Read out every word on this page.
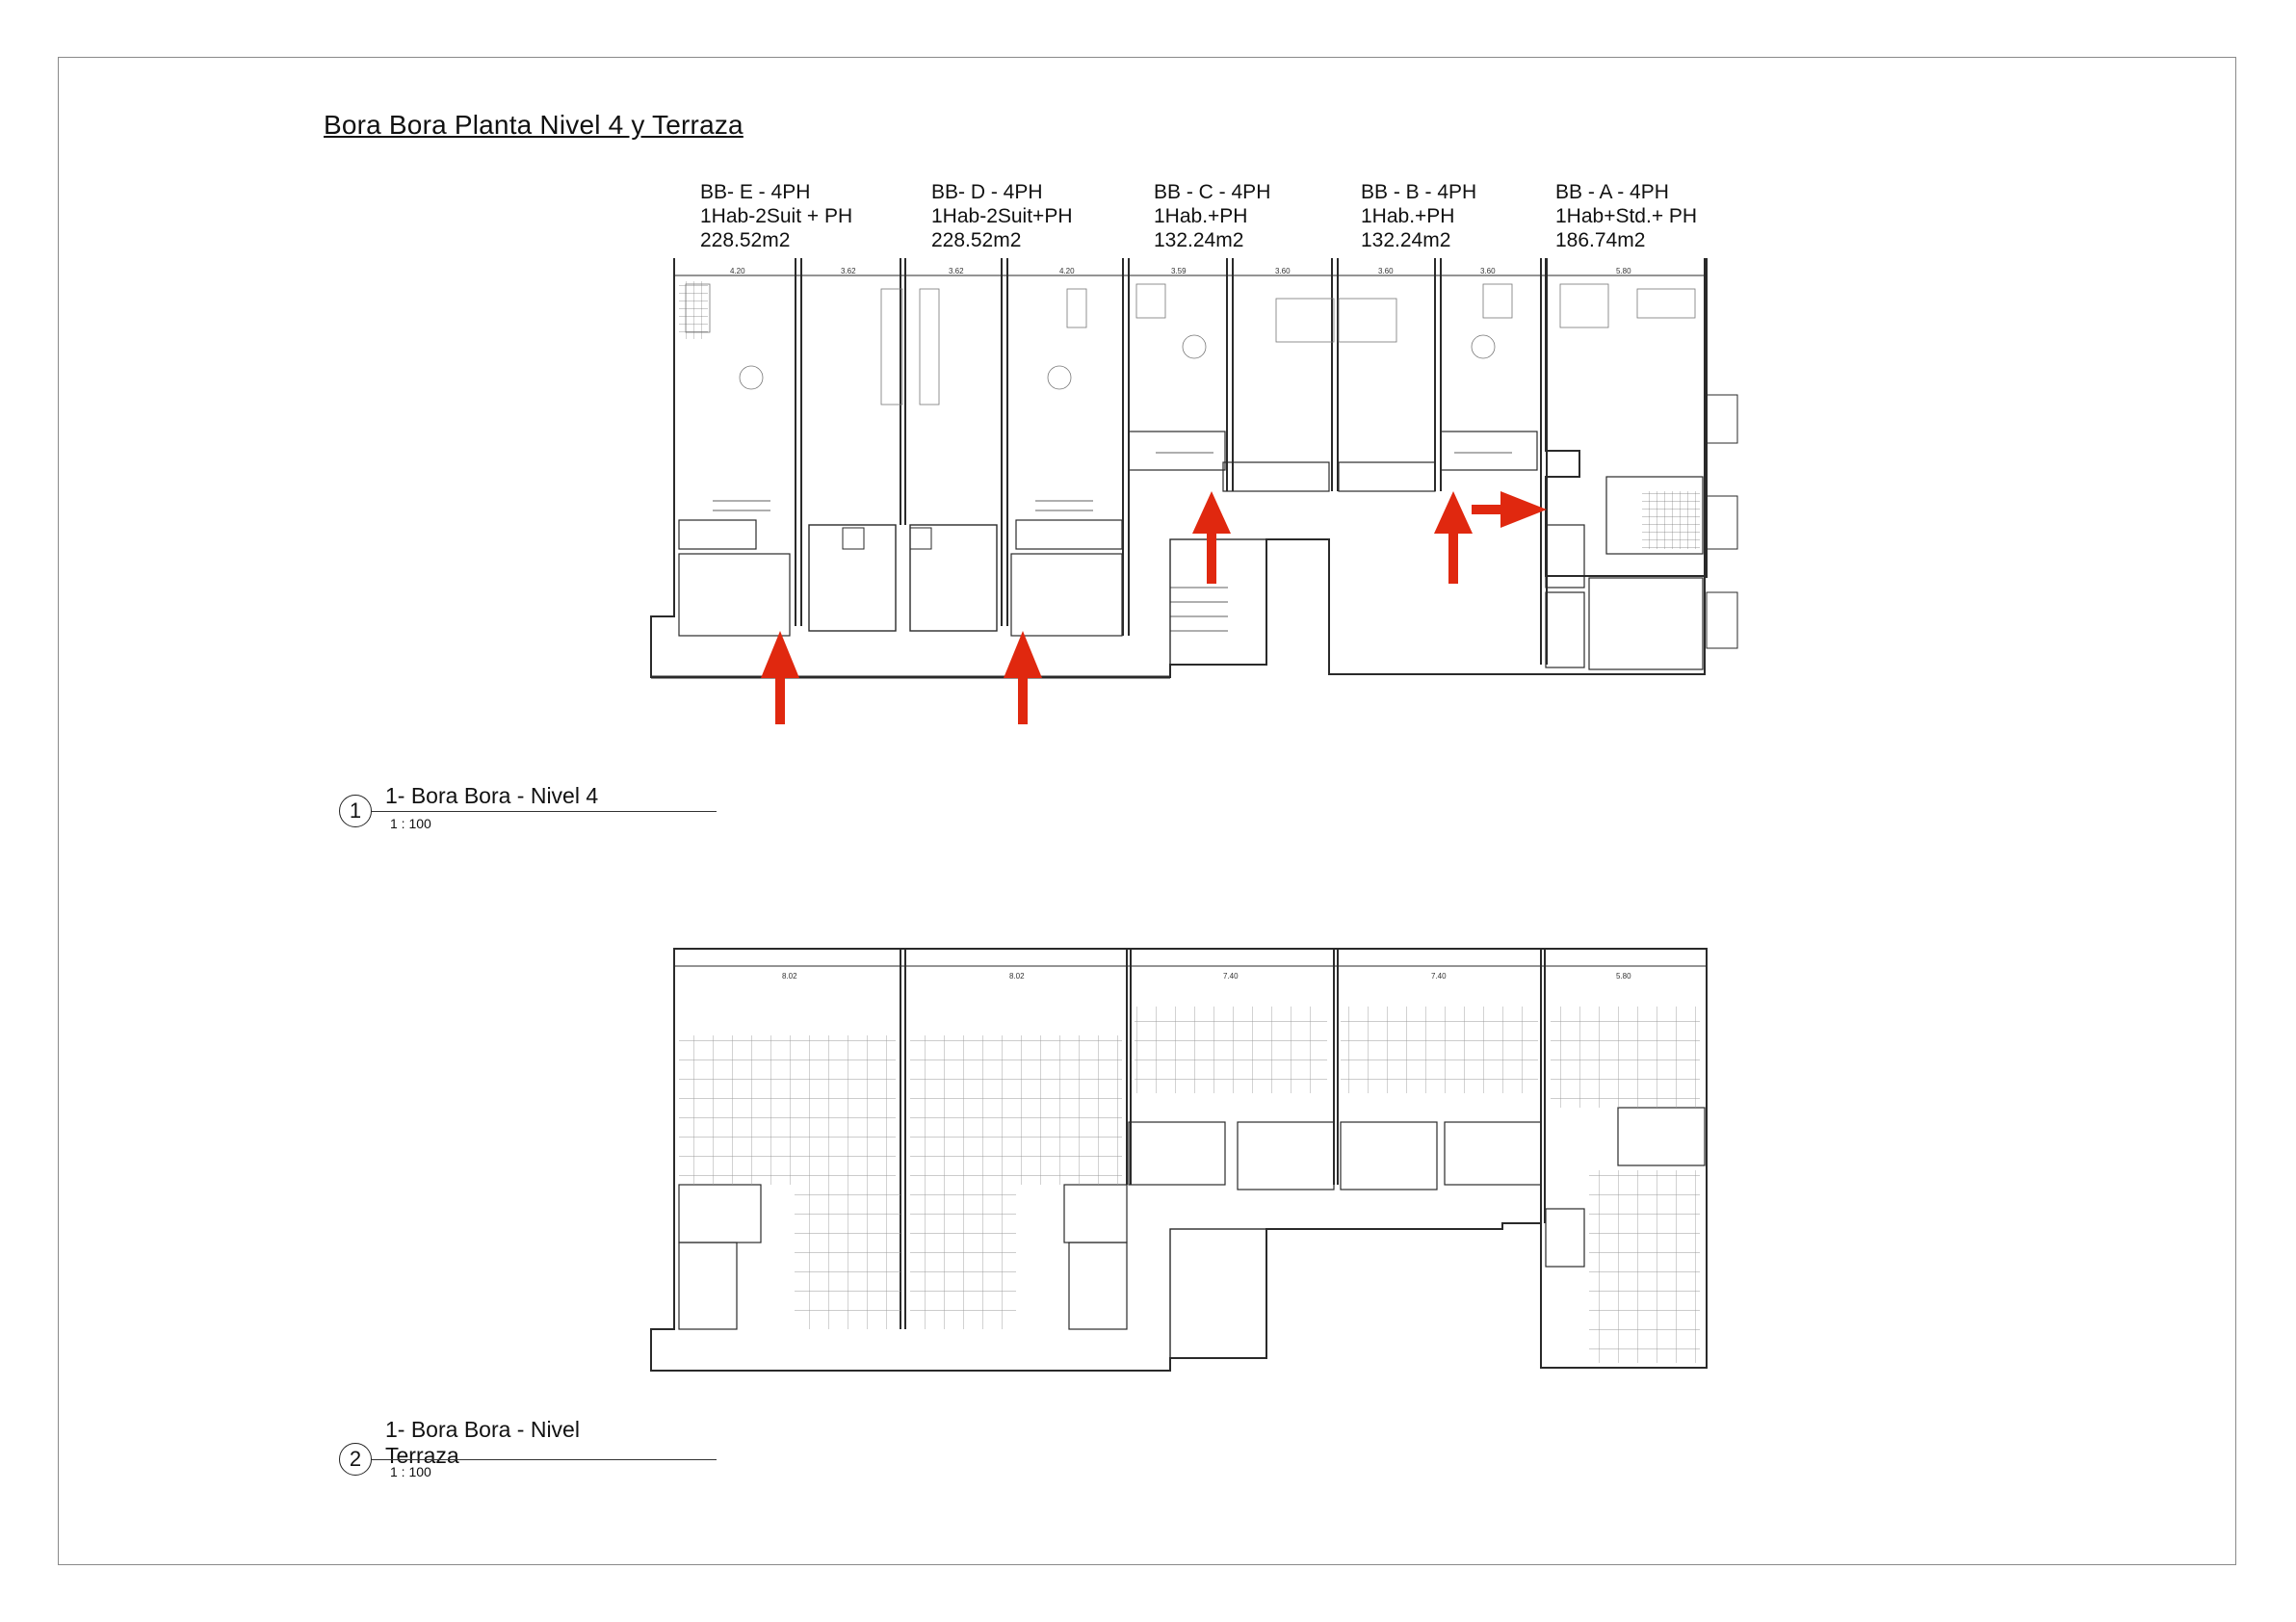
Bora Bora Planta Nivel 4 y Terraza
BB- E - 4PH
1Hab-2Suit + PH
228.52m2
BB- D - 4PH
1Hab-2Suit+PH
228.52m2
BB - C - 4PH
1Hab.+PH
132.24m2
BB - B - 4PH
1Hab.+PH
132.24m2
BB - A - 4PH
1Hab+Std.+ PH
186.74m2
1
1- Bora Bora - Nivel 4
1 : 100
2
1- Bora Bora - Nivel Terraza
1 : 100
4.20	3.62	3.62	4.20	3.59	3.60	3.60	3.60	5.80
8.02	8.02	7.40	7.40	5.80
